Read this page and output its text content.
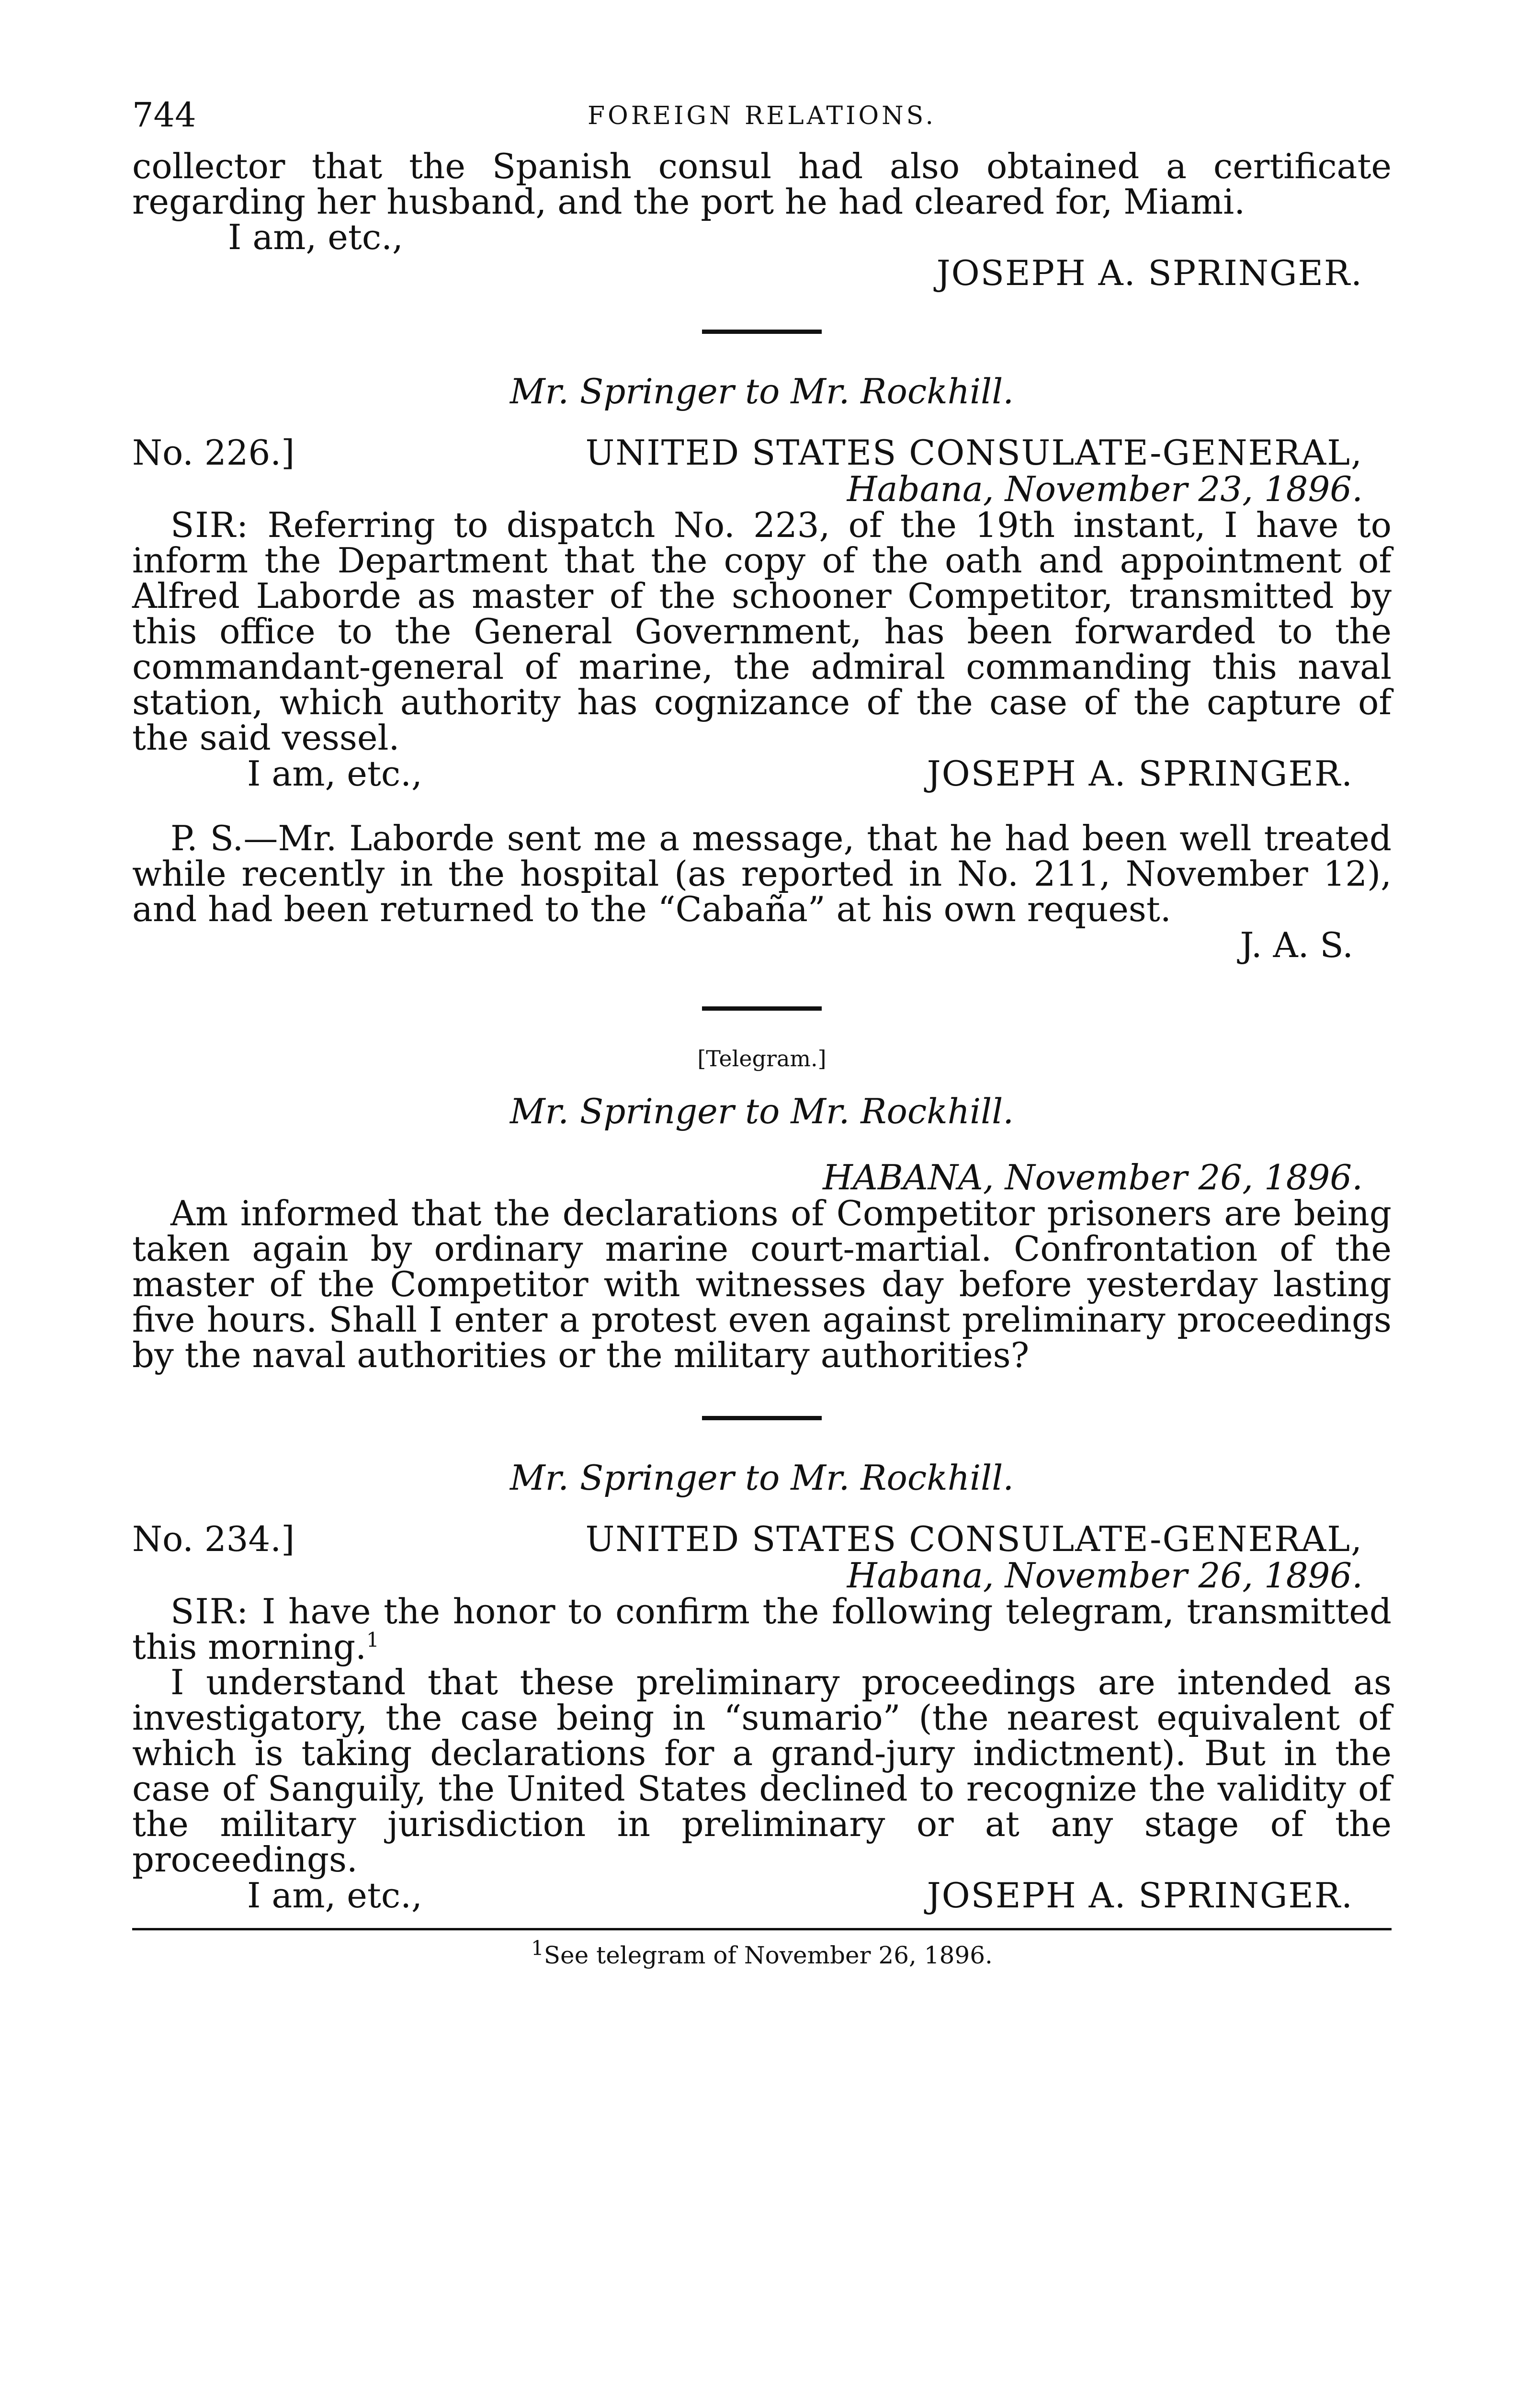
744	FOREIGN RELATIONS.

collector that the Spanish consul had also obtained a certificate regarding her husband, and the port he had cleared for, Miami.

I am, etc.,

JOSEPH A. SPRINGER.

Mr. Springer to Mr. Rockhill.

No. 226.]	UNITED STATES CONSULATE-GENERAL,

Habana, November 23, 1896.

SIR: Referring to dispatch No. 223, of the 19th instant, I have to inform the Department that the copy of the oath and appointment of Alfred Laborde as master of the schooner Competitor, transmitted by this office to the General Government, has been forwarded to the commandant-general of marine, the admiral commanding this naval station, which authority has cognizance of the case of the capture of the said vessel.

I am, etc.,	JOSEPH A. SPRINGER.

P. S.—Mr. Laborde sent me a message, that he had been well treated while recently in the hospital (as reported in No. 211, November 12), and had been returned to the “Cabaña” at his own request.

J. A. S.

[Telegram.]

Mr. Springer to Mr. Rockhill.

HABANA, November 26, 1896.

Am informed that the declarations of Competitor prisoners are being taken again by ordinary marine court-martial. Confrontation of the master of the Competitor with witnesses day before yesterday lasting five hours. Shall I enter a protest even against preliminary proceedings by the naval authorities or the military authorities?

Mr. Springer to Mr. Rockhill.

No. 234.]	UNITED STATES CONSULATE-GENERAL,

Habana, November 26, 1896.

SIR: I have the honor to confirm the following telegram, transmitted this morning.$^1$

I understand that these preliminary proceedings are intended as investigatory, the case being in “sumario” (the nearest equivalent of which is taking declarations for a grand-jury indictment). But in the case of Sanguily, the United States declined to recognize the validity of the military jurisdiction in preliminary or at any stage of the proceedings.

I am, etc.,	JOSEPH A. SPRINGER.

$^1$See telegram of November 26, 1896.
